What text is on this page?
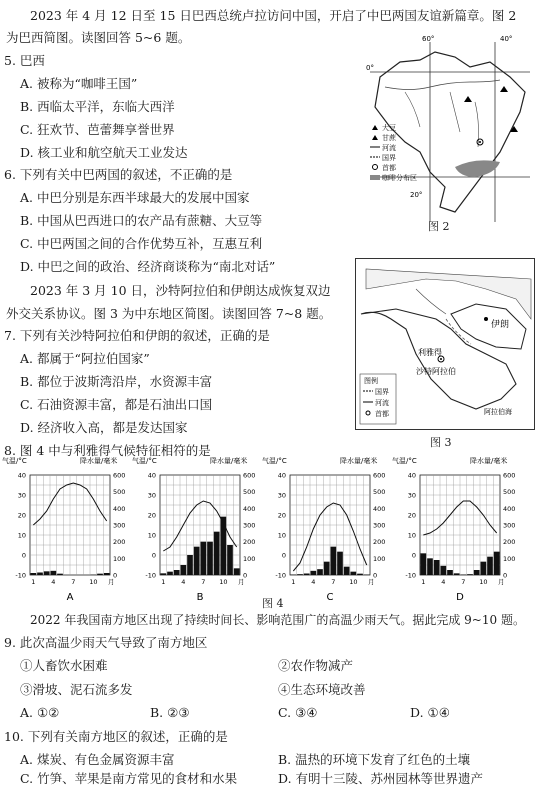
2023 年 4 月 12 日至 15 日巴西总统卢拉访问中国，开启了中巴两国友谊新篇章。图 2
为巴西简图。读图回答 5~6 题。
5. 巴西
A. 被称为“咖啡王国”
B. 西临太平洋，东临大西洋
C. 狂欢节、芭蕾舞享誉世界
D. 核工业和航空航天工业发达
6. 下列有关中巴两国的叙述，不正确的是
A. 中巴分别是东西半球最大的发展中国家
B. 中国从巴西进口的农产品有蔗糖、大豆等
C. 中巴两国之间的合作优势互补，互惠互利
D. 中巴之间的政治、经济商谈称为“南北对话”
大豆
甘蔗
河流
国界
首都
咖啡分布区
0°
20°
60°	40°
图 2
2023 年 3 月 10 日，沙特阿拉伯和伊朗达成恢复双边
外交关系协议。图 3 为中东地区简图。读图回答 7~8 题。
7. 下列有关沙特阿拉伯和伊朗的叙述，正确的是
A. 都属于“阿拉伯国家”
B. 都位于波斯湾沿岸，水资源丰富
C. 石油资源丰富，都是石油出口国
D. 经济收入高，都是发达国家
伊朗
利雅得
沙特阿拉伯
图例
国界
河流
首都	阿拉伯海
图 3
8. 图 4 中与利雅得气候特征相符的是
气温/°C	降水量/毫米
40
30
20
10
0
-10
600
500
400
300
200
100
0
1 4 7 10 月
A
气温/°C	降水量/毫米
40
30
20
10
0
-10
600
500
400
300
200
100
0
1 4 7 10 月
B
气温/°C	降水量/毫米
40
30
20
10
0
-10
600
500
400
300
200
100
0
1 4 7 10 月
C
气温/°C	降水量/毫米
40
30
20
10
0
-10
600
500
400
300
200
100
0
1 4 7 10 月
D
图 4
2022 年我国南方地区出现了持续时间长、影响范围广的高温少雨天气。据此完成 9~10 题。
9. 此次高温少雨天气导致了南方地区
①人畜饮水困难	②农作物减产
③滑坡、泥石流多发	④生态环境改善
A. ①②	B. ②③	C. ③④	D. ①④
10. 下列有关南方地区的叙述，正确的是
A. 煤炭、有色金属资源丰富	B. 温热的环境下发育了红色的土壤
C. 竹笋、苹果是南方常见的食材和水果	D. 有明十三陵、苏州园林等世界遗产
